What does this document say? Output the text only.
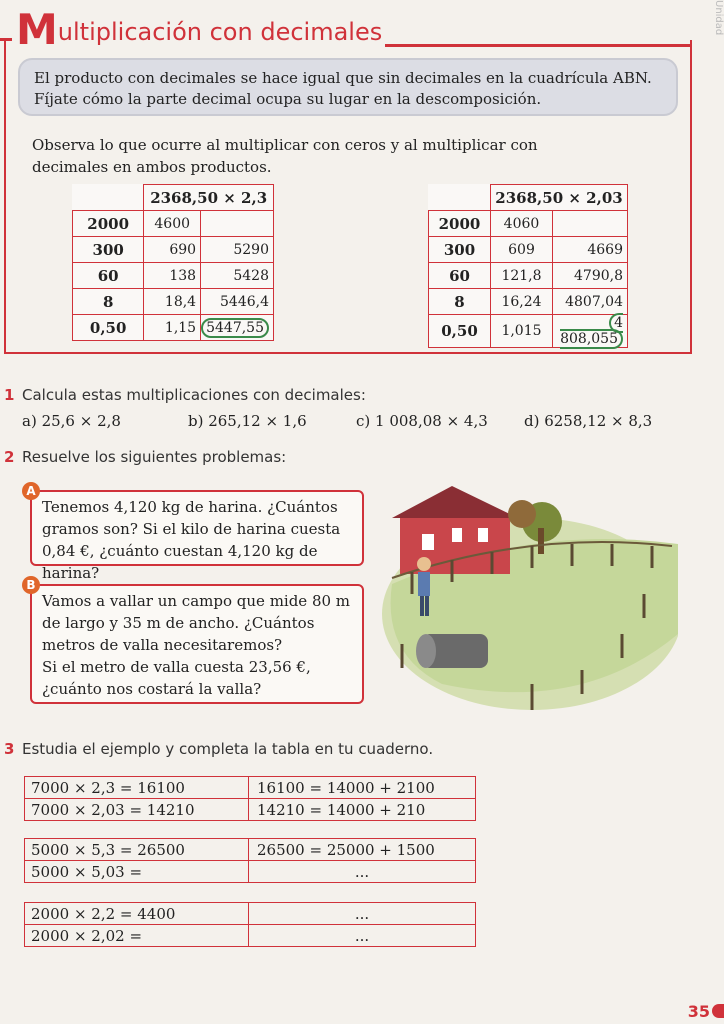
Multiplicación con decimales	Unidad
El producto con decimales se hace igual que sin decimales en la cuadrícula ABN. Fíjate cómo la parte decimal ocupa su lugar en la descomposición.
Observa lo que ocurre al multiplicar con ceros y al multiplicar con decimales en ambos productos.
	2368,50 × 2,3	
2000	4600	
300	690	5290
60	138	5428
8	18,4	5446,4
0,50	1,15	5447,55
	2368,50 × 2,03	
2000	4060	
300	609	4669
60	121,8	4790,8
8	16,24	4807,04
0,50	1,015	4 808,055
1 Calcula estas multiplicaciones con decimales:
a) 25,6 × 2,8	b) 265,12 × 1,6	c) 1 008,08 × 4,3 d) 6258,12 × 8,3
2 Resuelve los siguientes problemas:
Tenemos 4,120 kg de harina. ¿Cuántos gramos son? Si el kilo de harina cuesta 0,84 €, ¿cuánto cuestan 4,120 kg de harina?
A
Vamos a vallar un campo que mide 80 m de largo y 35 m de ancho. ¿Cuántos metros de valla necesitaremos?
Si el metro de valla cuesta 23,56 €, ¿cuánto nos costará la valla?
B
3 Estudia el ejemplo y completa la tabla en tu cuaderno.
7000 × 2,3 = 16100	16100 = 14000 + 2100
7000 × 2,03 = 14210	14210 = 14000 + 210
5000 × 5,3 = 26500	26500 = 25000 + 1500
5000 × 5,03 =	...
2000 × 2,2 = 4400	...
2000 × 2,02 =	...
35
